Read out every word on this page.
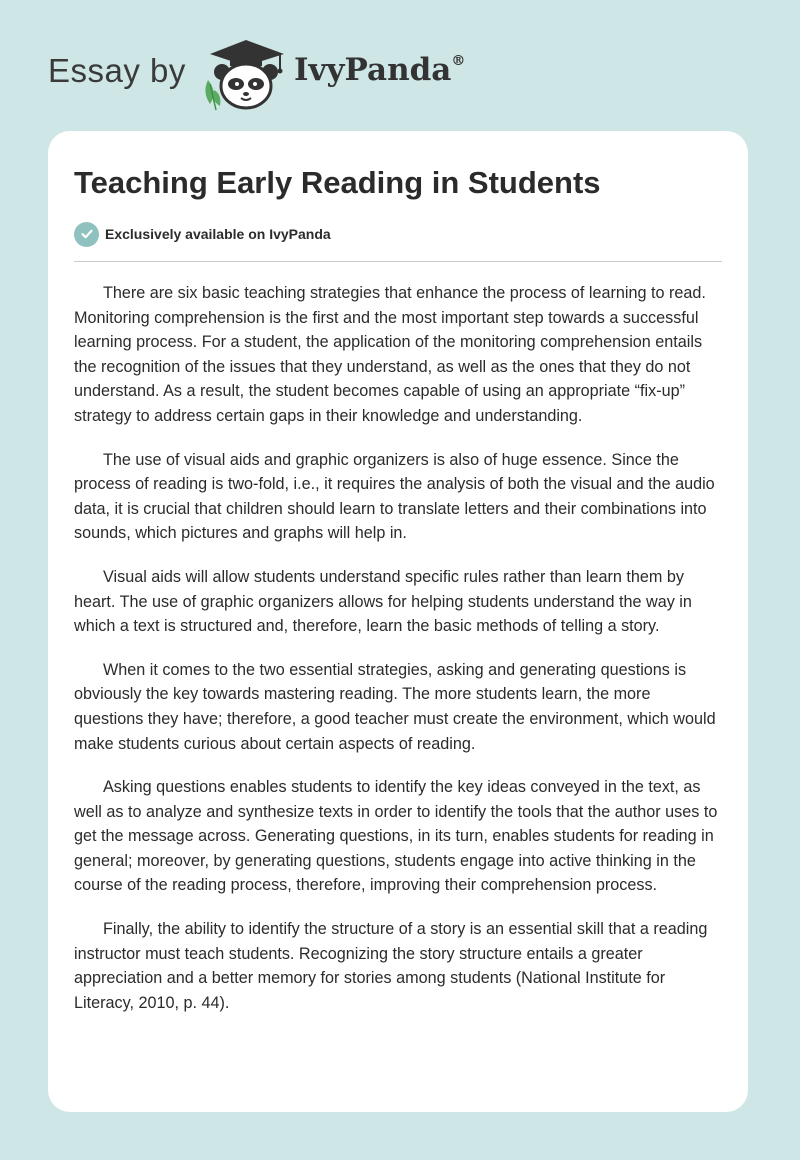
Essay by	IvyPanda®
Teaching Early Reading in Students
Exclusively available on IvyPanda

There are six basic teaching strategies that enhance the process of learning to read. Monitoring comprehension is the first and the most important step towards a successful learning process. For a student, the application of the monitoring comprehension entails the recognition of the issues that they understand, as well as the ones that they do not understand. As a result, the student becomes capable of using an appropriate “fix-up” strategy to address certain gaps in their knowledge and understanding.

The use of visual aids and graphic organizers is also of huge essence. Since the process of reading is two-fold, i.e., it requires the analysis of both the visual and the audio data, it is crucial that children should learn to translate letters and their combinations into sounds, which pictures and graphs will help in.

Visual aids will allow students understand specific rules rather than learn them by heart. The use of graphic organizers allows for helping students understand the way in which a text is structured and, therefore, learn the basic methods of telling a story.

When it comes to the two essential strategies, asking and generating questions is obviously the key towards mastering reading. The more students learn, the more questions they have; therefore, a good teacher must create the environment, which would make students curious about certain aspects of reading.

Asking questions enables students to identify the key ideas conveyed in the text, as well as to analyze and synthesize texts in order to identify the tools that the author uses to get the message across. Generating questions, in its turn, enables students for reading in general; moreover, by generating questions, students engage into active thinking in the course of the reading process, therefore, improving their comprehension process.

Finally, the ability to identify the structure of a story is an essential skill that a reading instructor must teach students. Recognizing the story structure entails a greater appreciation and a better memory for stories among students (National Institute for Literacy, 2010, p. 44).
